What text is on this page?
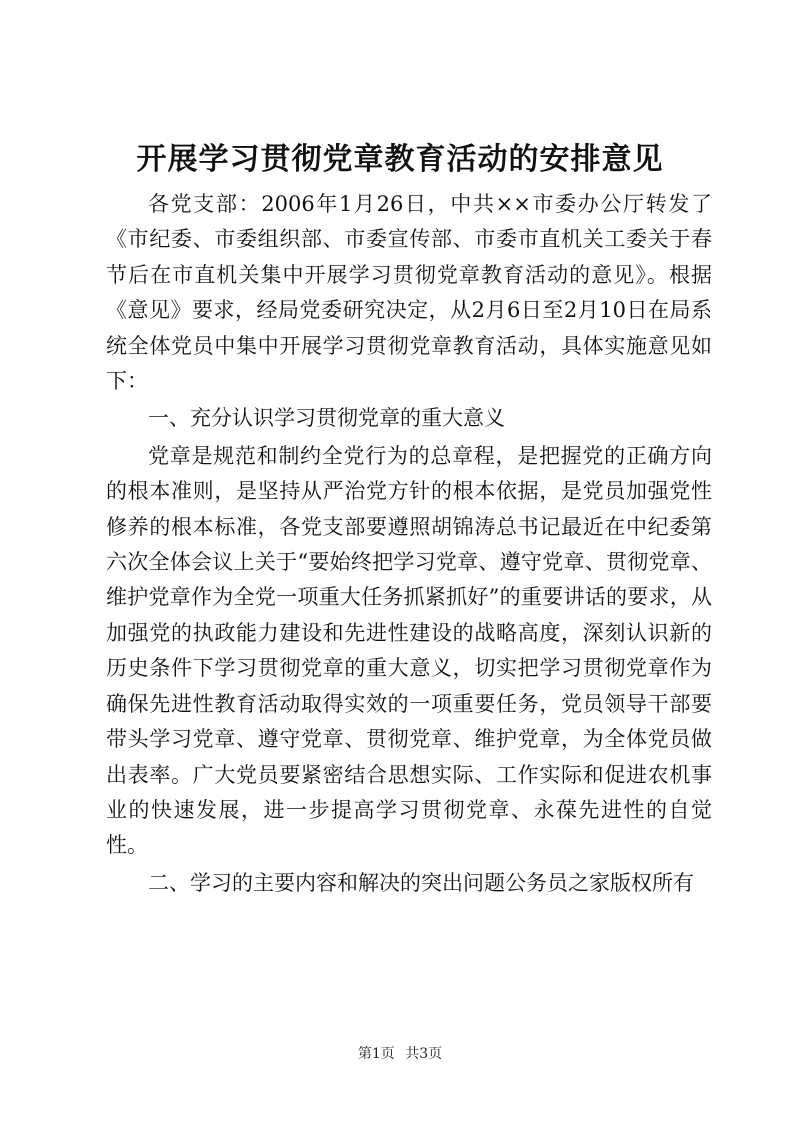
开展学习贯彻党章教育活动的安排意见

各党支部：2006年1月26日，中共××市委办公厅转发了《市纪委、市委组织部、市委宣传部、市委市直机关工委关于春节后在市直机关集中开展学习贯彻党章教育活动的意见》。根据《意见》要求，经局党委研究决定，从2月6日至2月10日在局系统全体党员中集中开展学习贯彻党章教育活动，具体实施意见如下：

一、充分认识学习贯彻党章的重大意义

党章是规范和制约全党行为的总章程，是把握党的正确方向的根本准则，是坚持从严治党方针的根本依据，是党员加强党性修养的根本标准，各党支部要遵照胡锦涛总书记最近在中纪委第六次全体会议上关于“要始终把学习党章、遵守党章、贯彻党章、维护党章作为全党一项重大任务抓紧抓好”的重要讲话的要求，从加强党的执政能力建设和先进性建设的战略高度，深刻认识新的历史条件下学习贯彻党章的重大意义，切实把学习贯彻党章作为确保先进性教育活动取得实效的一项重要任务，党员领导干部要带头学习党章、遵守党章、贯彻党章、维护党章，为全体党员做出表率。广大党员要紧密结合思想实际、工作实际和促进农机事业的快速发展，进一步提高学习贯彻党章、永葆先进性的自觉性。

二、学习的主要内容和解决的突出问题公务员之家版权所有

第1页 共3页
